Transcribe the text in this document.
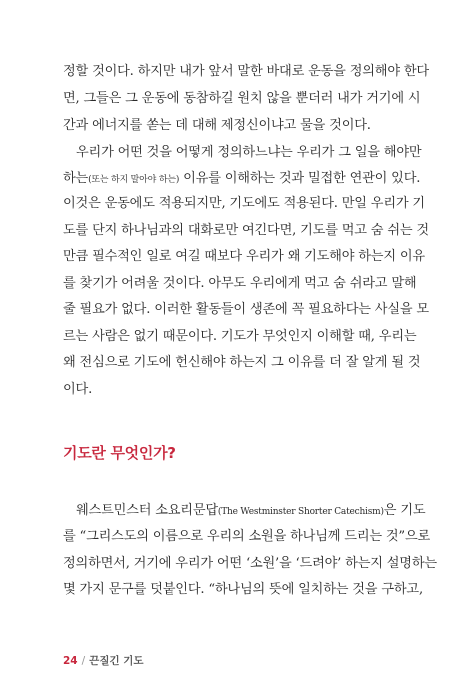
정할 것이다. 하지만 내가 앞서 말한 바대로 운동을 정의해야 한다
면, 그들은 그 운동에 동참하길 원치 않을 뿐더러 내가 거기에 시
간과 에너지를 쏟는 데 대해 제정신이냐고 물을 것이다.
우리가 어떤 것을 어떻게 정의하느냐는 우리가 그 일을 해야만
하는(또는 하지 말아야 하는) 이유를 이해하는 것과 밀접한 연관이 있다.
이것은 운동에도 적용되지만, 기도에도 적용된다. 만일 우리가 기
도를 단지 하나님과의 대화로만 여긴다면, 기도를 먹고 숨 쉬는 것
만큼 필수적인 일로 여길 때보다 우리가 왜 기도해야 하는지 이유
를 찾기가 어려울 것이다. 아무도 우리에게 먹고 숨 쉬라고 말해
줄 필요가 없다. 이러한 활동들이 생존에 꼭 필요하다는 사실을 모
르는 사람은 없기 때문이다. 기도가 무엇인지 이해할 때, 우리는
왜 전심으로 기도에 헌신해야 하는지 그 이유를 더 잘 알게 될 것
이다.
기도란 무엇인가?
웨스트민스터 소요리문답(The Westminster Shorter Catechism)은 기도
를 “그리스도의 이름으로 우리의 소원을 하나님께 드리는 것”으로
정의하면서, 거기에 우리가 어떤 ‘소원’을 ‘드려야’ 하는지 설명하는
몇 가지 문구를 덧붙인다. “하나님의 뜻에 일치하는 것을 구하고,
24 / 끈질긴 기도
